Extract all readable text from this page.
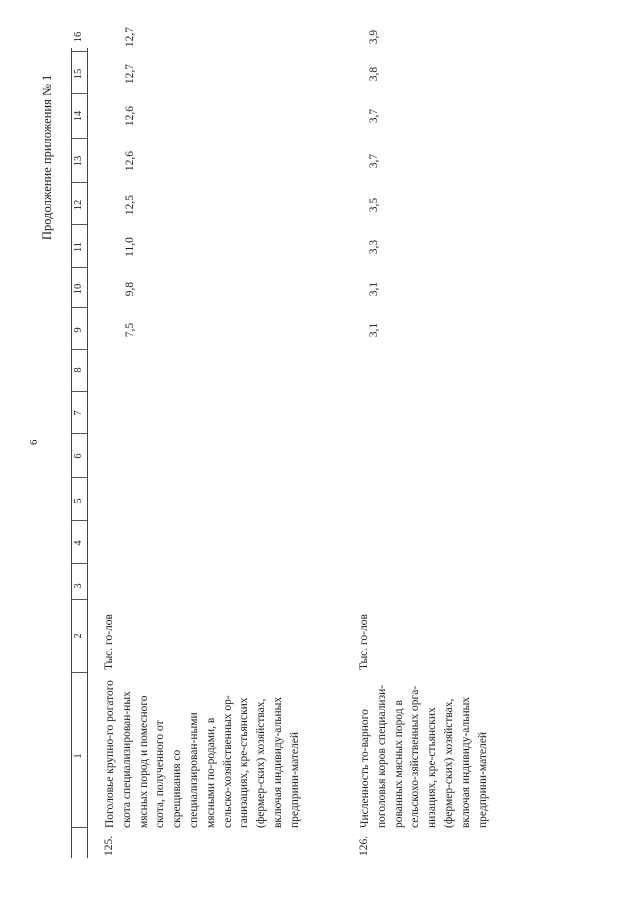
6
Продолжение приложения № 1
1
2
3
4
5
6
7
8
9
10
11
12
13
14
15
16
125.
Поголовье крупно-го рогатого скота специализирован-ных мясных пород и помесного скота, полученного от скрещивания со специализирован-ными мясными по-родами, в сельско-хозяйственных ор-ганизациях, кре-стьянских (фермер-ских) хозяйствах, включая индивиду-альных предприни-мателей
Тыс. го-лов
7,5
9,8
11,0
12,5
12,6
12,6
12,7
12,7
126.
Численность то-варного поголовья коров специализи-рованных мясных пород в сельскохо-зяйственных орга-низациях, кре-стьянских (фермер-ских) хозяйствах, включая индивиду-альных предприни-мателей
Тыс. го-лов
3,1
3,1
3,3
3,5
3,7
3,7
3,8
3,9
